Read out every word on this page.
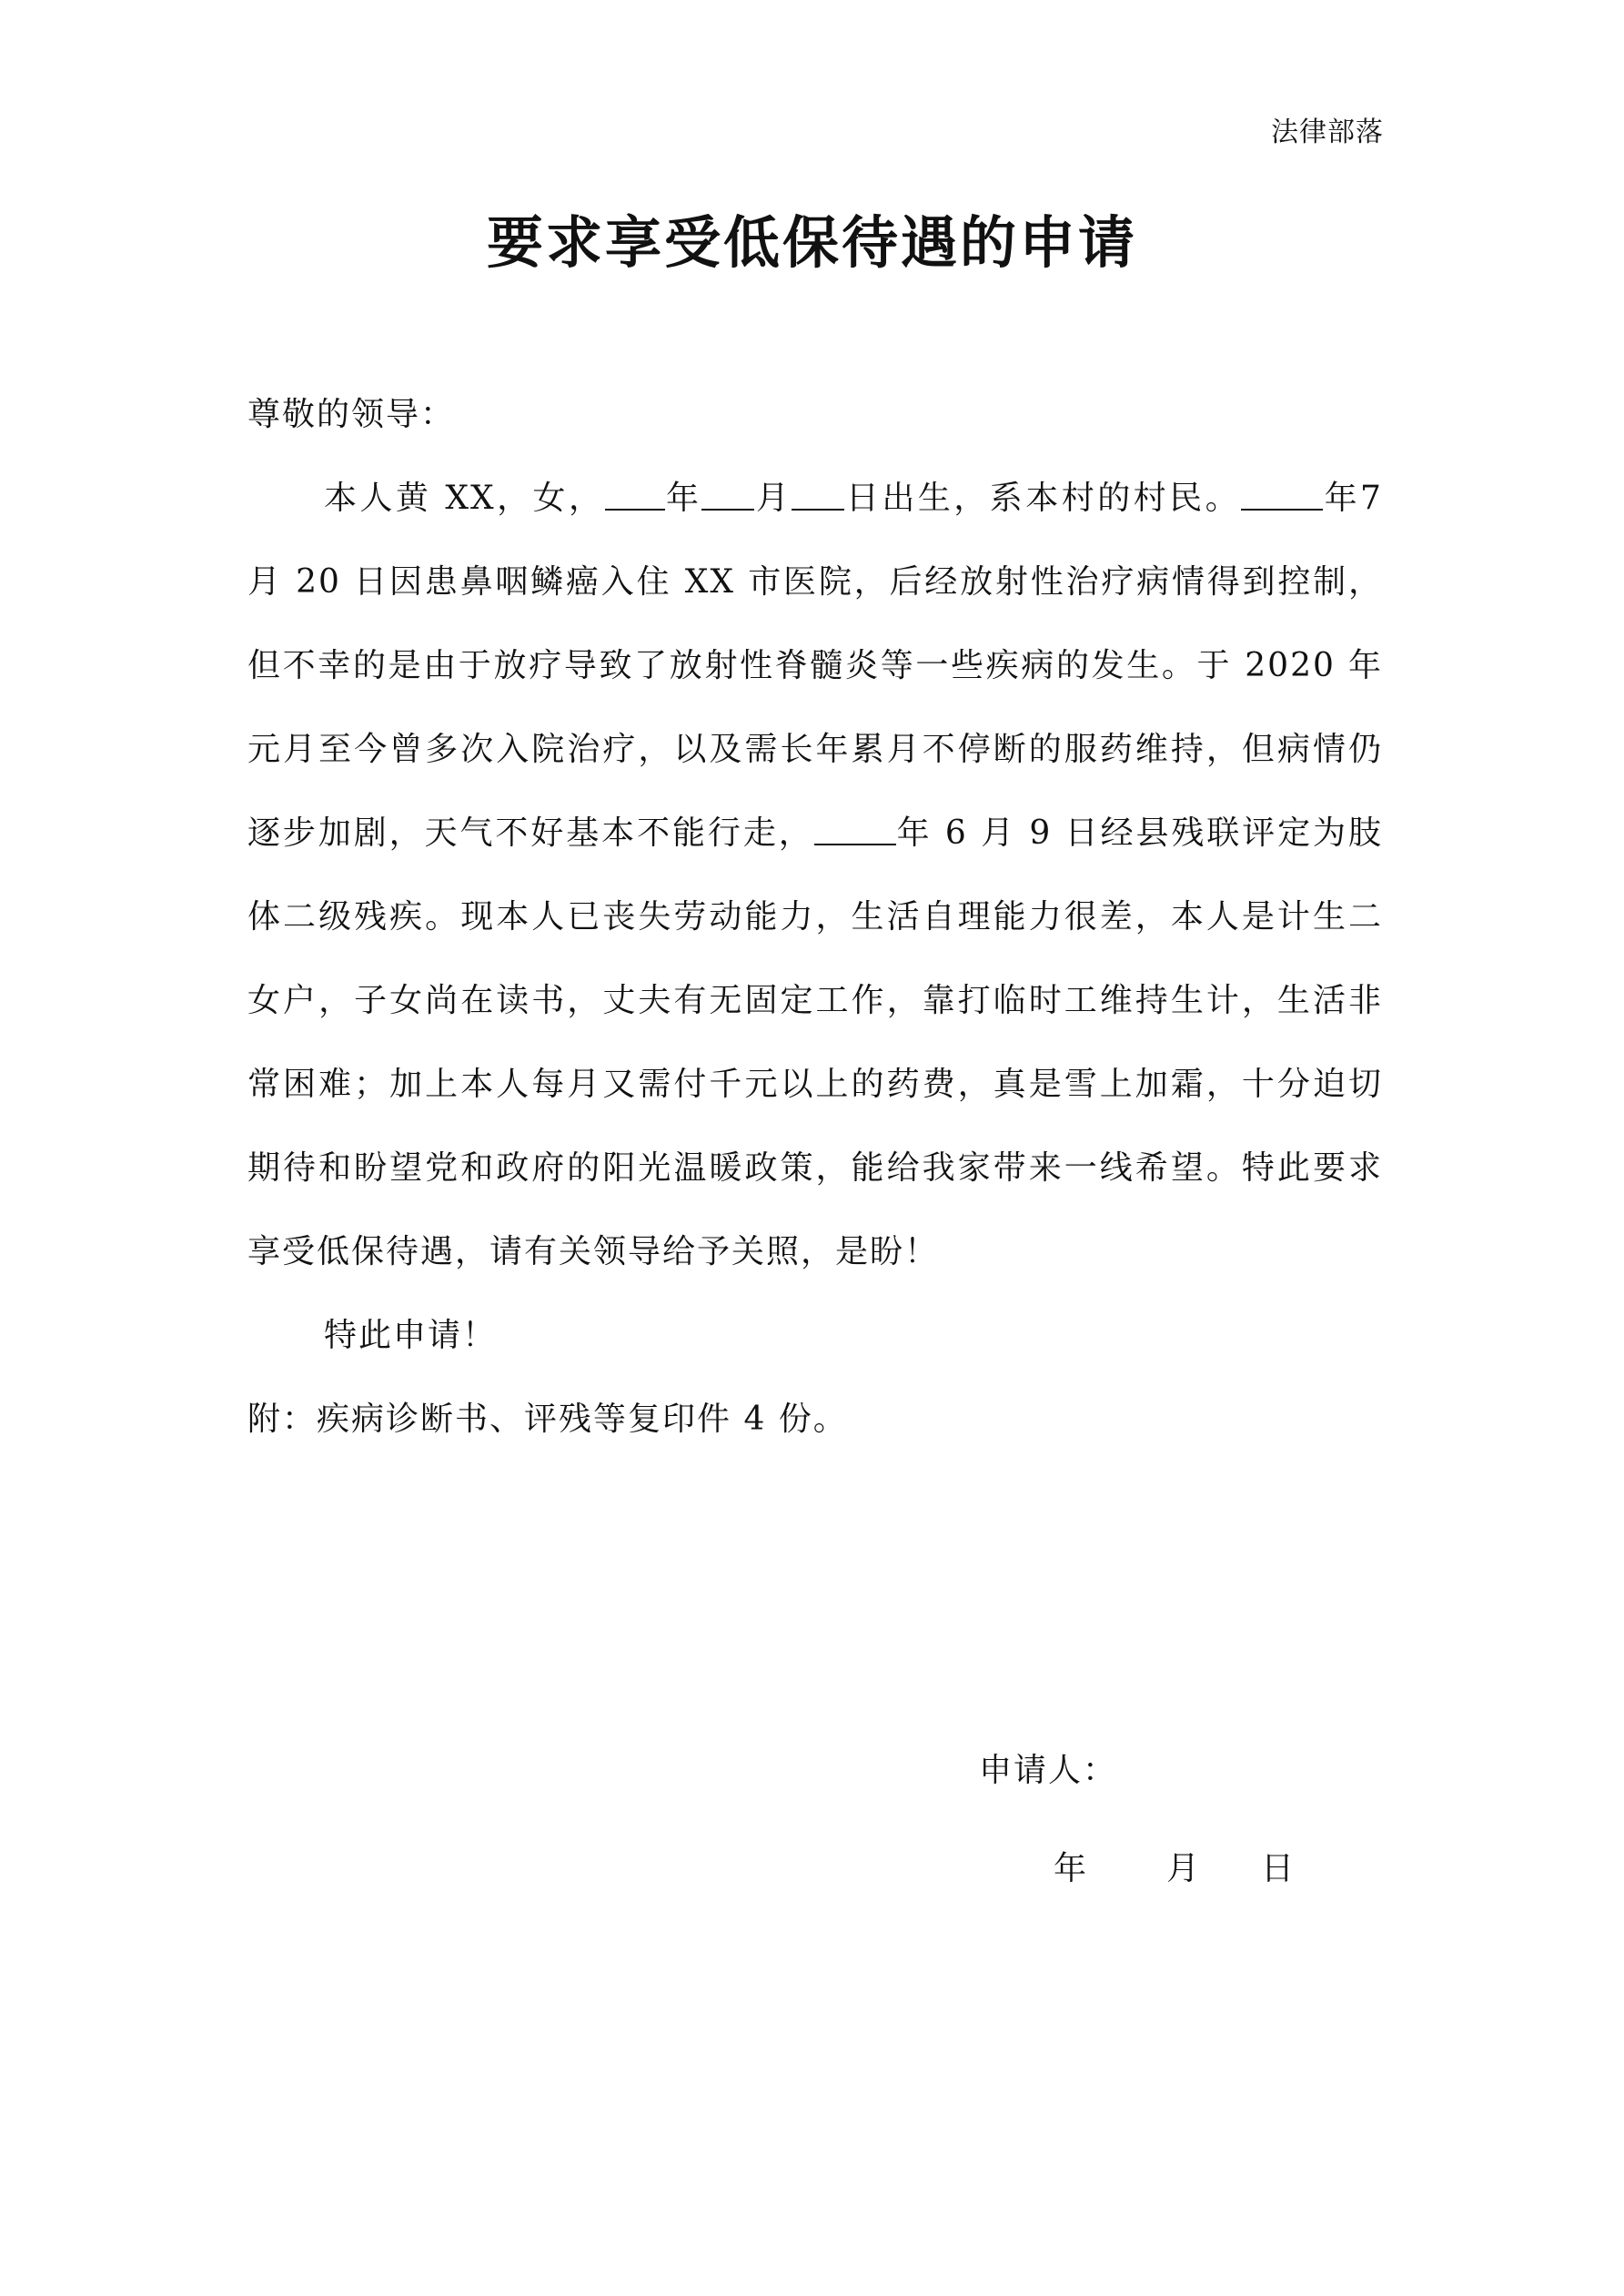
法律部落
要求享受低保待遇的申请

尊敬的领导：

本人黄 XX，女， 年 月 日出生，系本村的村民。	年7 月 20 日因患鼻咽鳞癌入住 XX 市医院，后经放射性治疗病情得到控制，但不幸的是由于放疗导致了放射性脊髓炎等一些疾病的发生。于 2020 年元月至今曾多次入院治疗，以及需长年累月不停断的服药维持，但病情仍逐步加剧，天气不好基本不能行走，	年 6 月 9 日经县残联评定为肢体二级残疾。现本人已丧失劳动能力，生活自理能力很差，本人是计生二女户，子女尚在读书，丈夫有无固定工作，靠打临时工维持生计，生活非常困难；加上本人每月又需付千元以上的药费，真是雪上加霜，十分迫切期待和盼望党和政府的阳光温暖政策，能给我家带来一线希望。特此要求享受低保待遇，请有关领导给予关照，是盼！

特此申请！

附：疾病诊断书、评残等复印件 4 份。

申请人：
年 月 日
